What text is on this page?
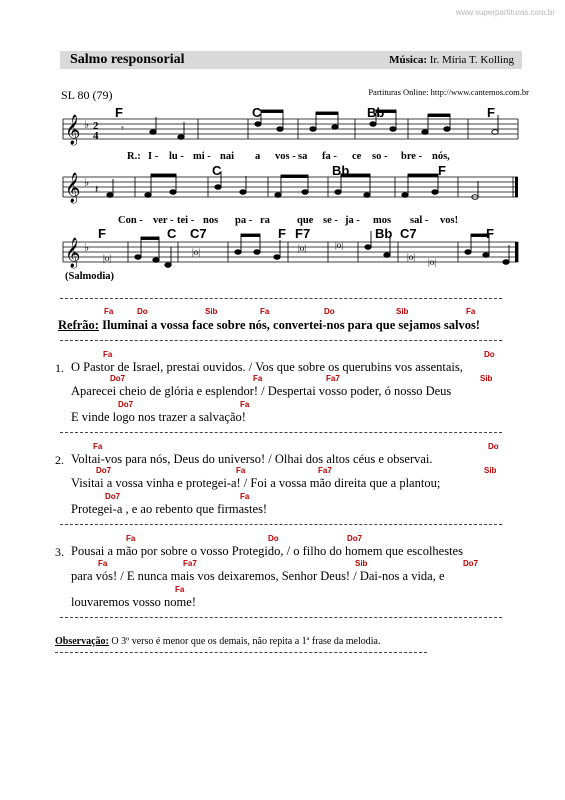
www.superpartituras.com.br
Salmo responsorial	Música: Ir. Míria T. Kolling
SL 80 (79)	Partituras Online: http://www.cantemos.com.br
𝄞
𝄞
𝄞
♭
♭
♭
2
4
𝄾
𝄽
|o|
|o|	|o|	|o|
|o| |o|
F	C	Bb	F
C	Bb	F
F	C C7	F F7	Bb C7	F
R.: I - lu - mi - nai a vos - sa fa - ce so - bre - nós,
Con - ver - tei - nos pa - ra	que se - ja - mos sal - vos!
(Salmodia)
Fa	Do	Sib	Fa	Do	Sib	Fa
Refrão: Iluminai a vossa face sobre nós, convertei-nos para que sejamos salvos!
Fa	Do
1. O Pastor de Israel, prestai ouvidos. / Vos que sobre os querubins vos assentais,
Do7	Fa	Fa7	Sib
Aparecei cheio de glória e esplendor! / Despertai vosso poder, ó nosso Deus
Do7	Fa
E vinde logo nos trazer a salvação!
Fa	Do
2. Voltai-vos para nós, Deus do universo! / Olhai dos altos céus e observai.
Do7	Fa	Fa7	Sib
Visitai a vossa vinha e protegei-a! / Foi a vossa mão direita que a plantou;
Do7	Fa
Protegei-a , e ao rebento que firmastes!
Fa	Do	Do7
3. Pousai a mão por sobre o vosso Protegido, / o filho do homem que escolhestes
Fa	Fa7	Sib	Do7
para vós! / E nunca mais vos deixaremos, Senhor Deus! / Dai-nos a vida, e
Fa
louvaremos vosso nome!
Observação: O 3º verso é menor que os demais, não repita a 1ª frase da melodia.
